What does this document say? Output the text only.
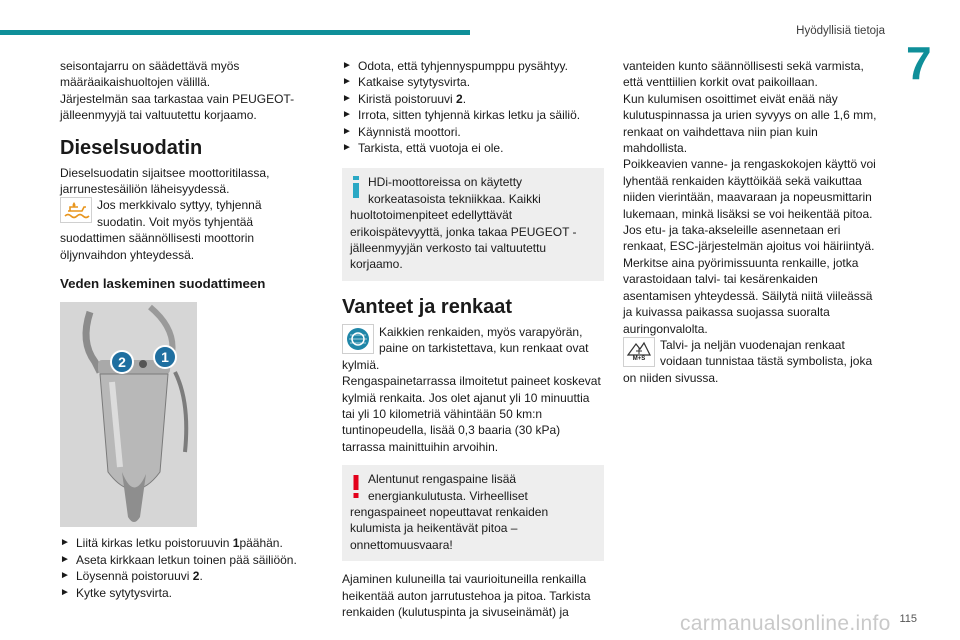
Hyödyllisiä tietoja
7
115
carmanualsonline.info

seisontajarru on säädettävä myös määräaikaishuoltojen välillä.

Järjestelmän saa tarkastaa vain PEUGEOT-jälleenmyyjä tai valtuutettu korjaamo.

Dieselsuodatin

Dieselsuodatin sijaitsee moottoritilassa, jarrunestesäiliön läheisyydessä.

Jos merkkivalo syttyy, tyhjennä suodatin. Voit myös tyhjentää suodattimen säännöllisesti moottorin öljynvaihdon yhteydessä.

Veden laskeminen suodattimeen
2	1
► Liitä kirkas letku poistoruuvin 1päähän.
► Aseta kirkkaan letkun toinen pää säiliöön.
► Löysennä poistoruuvi 2.
► Kytke sytytysvirta.
► Odota, että tyhjennyspumppu pysähtyy.
► Katkaise sytytysvirta.
► Kiristä poistoruuvi 2.
► Irrota, sitten tyhjennä kirkas letku ja säiliö.
► Käynnistä moottori.
► Tarkista, että vuotoja ei ole.
HDi-moottoreissa on käytetty korkeatasoista tekniikkaa. Kaikki huoltotoimenpiteet edellyttävät erikoispätevyyttä, jonka takaa PEUGEOT -jälleenmyyjän verkosto tai valtuutettu korjaamo.
Vanteet ja renkaat

Kaikkien renkaiden, myös varapyörän, paine on tarkistettava, kun renkaat ovat kylmiä.

Rengaspainetarrassa ilmoitetut paineet koskevat kylmiä renkaita. Jos olet ajanut yli 10 minuuttia tai yli 10 kilometriä vähintään 50 km:n tuntinopeudella, lisää 0,3 baaria (30 kPa) tarrassa mainittuihin arvoihin.

Alentunut rengaspaine lisää energiankulutusta. Virheelliset rengaspaineet nopeuttavat renkaiden kulumista ja heikentävät pitoa – onnettomuusvaara!

Ajaminen kuluneilla tai vaurioituneilla renkailla heikentää auton jarrutustehoa ja pitoa. Tarkista renkaiden (kulutuspinta ja sivuseinämät) ja

vanteiden kunto säännöllisesti sekä varmista, että venttiilien korkit ovat paikoillaan.

Kun kulumisen osoittimet eivät enää näy kulutuspinnassa ja urien syvyys on alle 1,6 mm, renkaat on vaihdettava niin pian kuin mahdollista.

Poikkeavien vanne- ja rengaskokojen käyttö voi lyhentää renkaiden käyttöikää sekä vaikuttaa niiden vierintään, maavaraan ja nopeusmittarin lukemaan, minkä lisäksi se voi heikentää pitoa.

Jos etu- ja taka-akseleille asennetaan eri renkaat, ESC-järjestelmän ajoitus voi häiriintyä.

Merkitse aina pyörimissuunta renkaille, jotka varastoidaan talvi- tai kesärenkaiden asentamisen yhteydessä. Säilytä niitä viileässä ja kuivassa paikassa suojassa suoralta auringonvalolta.

M+S
Talvi- ja neljän vuodenajan renkaat voidaan tunnistaa tästä symbolista, joka on niiden sivussa.
